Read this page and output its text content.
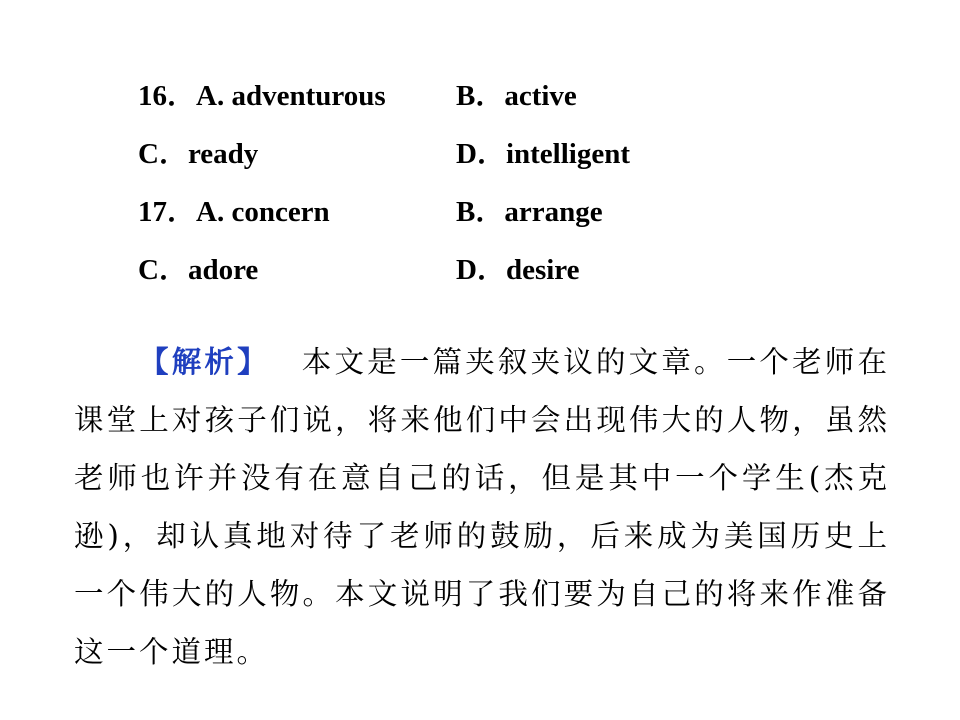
16．A. adventurous B．active
C．ready	D．intelligent
17．A. concern	B．arrange
C．adore	D．desire

【解析】 本文是一篇夹叙夹议的文章。一个老师在课堂上对孩子们说，将来他们中会出现伟大的人物，虽然老师也许并没有在意自己的话，但是其中一个学生(杰克逊)，却认真地对待了老师的鼓励，后来成为美国历史上一个伟大的人物。本文说明了我们要为自己的将来作准备这一个道理。
